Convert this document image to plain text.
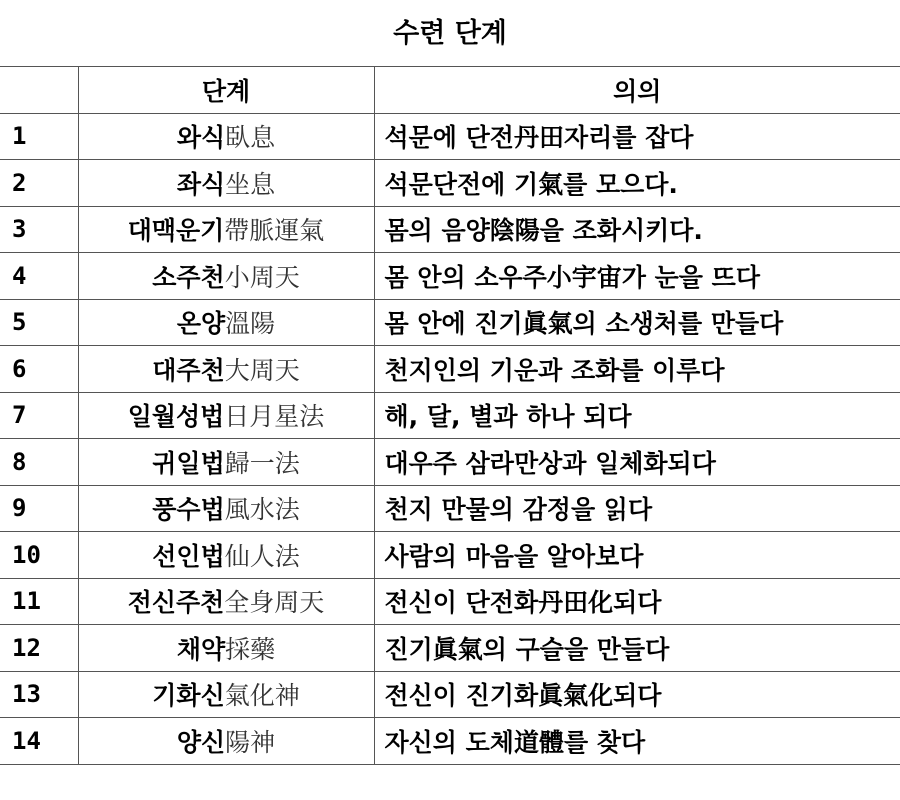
수련 단계
	단계	의의
1	와식臥息	석문에 단전丹田자리를 잡다
2	좌식坐息	석문단전에 기氣를 모으다.
3	대맥운기帶脈運氣	몸의 음양陰陽을 조화시키다.
4	소주천小周天	몸 안의 소우주小宇宙가 눈을 뜨다
5	온양溫陽	몸 안에 진기眞氣의 소생처를 만들다
6	대주천大周天	천지인의 기운과 조화를 이루다
7	일월성법日月星法	해, 달, 별과 하나 되다
8	귀일법歸一法	대우주 삼라만상과 일체화되다
9	풍수법風水法	천지 만물의 감정을 읽다
10	선인법仙人法	사람의 마음을 알아보다
11	전신주천全身周天	전신이 단전화丹田化되다
12	채약採藥	진기眞氣의 구슬을 만들다
13	기화신氣化神	전신이 진기화眞氣化되다
14	양신陽神	자신의 도체道體를 찾다
